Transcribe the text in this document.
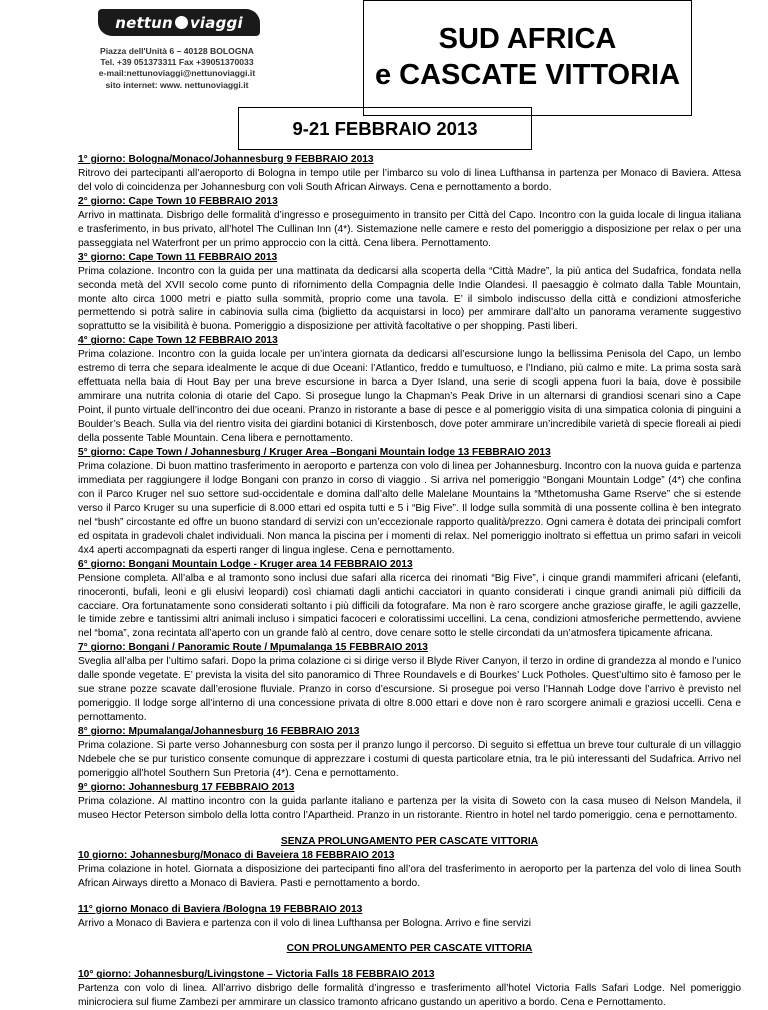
nettun viaggi
Piazza dell'Unità 6 – 40128 BOLOGNA
Tel. +39 051373311 Fax +39051370033
e-mail:nettunoviaggi@nettunoviaggi.it
sito internet: www. nettunoviaggi.it
SUD AFRICA
e CASCATE VITTORIA
9-21 FEBBRAIO 2013

1° giorno: Bologna/Monaco/Johannesburg 9 FEBBRAIO 2013

Ritrovo dei partecipanti all’aeroporto di Bologna in tempo utile per l’imbarco su volo di linea Lufthansa in partenza per Monaco di Baviera. Attesa del volo di coincidenza per Johannesburg con voli South African Airways. Cena e pernottamento a bordo.

2° giorno: Cape Town 10 FEBBRAIO 2013

Arrivo in mattinata. Disbrigo delle formalità d’ingresso e proseguimento in transito per Città del Capo. Incontro con la guida locale di lingua italiana e trasferimento, in bus privato, all’hotel The Cullinan Inn (4*). Sistemazione nelle camere e resto del pomeriggio a disposizione per relax o per una passeggiata nel Waterfront per un primo approccio con la città. Cena libera. Pernottamento.

3° giorno: Cape Town 11 FEBBRAIO 2013

Prima colazione. Incontro con la guida per una mattinata da dedicarsi alla scoperta della “Città Madre”, la più antica del Sudafrica, fondata nella seconda metà del XVII secolo come punto di rifornimento della Compagnia delle Indie Olandesi. Il paesaggio è colmato dalla Table Mountain, monte alto circa 1000 metri e piatto sulla sommità, proprio come una tavola. E’ il simbolo indiscusso della città e condizioni atmosferiche permettendo si potrà salire in cabinovia sulla cima (biglietto da acquistarsi in loco) per ammirare dall’alto un panorama veramente suggestivo soprattutto se la visibilità è buona. Pomeriggio a disposizione per attività facoltative o per shopping. Pasti liberi.

4° giorno: Cape Town 12 FEBBRAIO 2013

Prima colazione. Incontro con la guida locale per un’intera giornata da dedicarsi all’escursione lungo la bellissima Penisola del Capo, un lembo estremo di terra che separa idealmente le acque di due Oceani: l’Atlantico, freddo e tumultuoso, e l’Indiano, più calmo e mite. La prima sosta sarà effettuata nella baia di Hout Bay per una breve escursione in barca a Dyer Island, una serie di scogli appena fuori la baia, dove è possibile ammirare una nutrita colonia di otarie del Capo. Si prosegue lungo la Chapman’s Peak Drive in un alternarsi di grandiosi scenari sino a Cape Point, il punto virtuale dell’incontro dei due oceani. Pranzo in ristorante a base di pesce e al pomeriggio visita di una simpatica colonia di pinguini a Boulder’s Beach. Sulla via del rientro visita dei giardini botanici di Kirstenbosch, dove poter ammirare un’incredibile varietà di specie floreali ai piedi della possente Table Mountain. Cena libera e pernottamento.

5° giorno: Cape Town / Johannesburg / Kruger Area –Bongani Mountain lodge 13 FEBBRAIO 2013

Prima colazione. Di buon mattino trasferimento in aeroporto e partenza con volo di linea per Johannesburg. Incontro con la nuova guida e partenza immediata per raggiungere il lodge Bongani con pranzo in corso di viaggio . Si arriva nel pomeriggio “Bongani Mountain Lodge” (4*) che confina con il Parco Kruger nel suo settore sud-occidentale e domina dall’alto delle Malelane Mountains la “Mthetomusha Game Rserve” che si estende verso il Parco Kruger su una superficie di 8.000 ettari ed ospita tutti e 5 i “Big Five”. Il lodge sulla sommità di una possente collina è ben integrato nel “bush” circostante ed offre un buono standard di servizi con un’eccezionale rapporto qualità/prezzo. Ogni camera è dotata dei principali comfort ed ospitata in gradevoli chalet individuali. Non manca la piscina per i momenti di relax. Nel pomeriggio inoltrato si effettua un primo safari in veicoli 4x4 aperti accompagnati da esperti ranger di lingua inglese. Cena e pernottamento.

6° giorno: Bongani Mountain Lodge - Kruger area 14 FEBBRAIO 2013

Pensione completa. All’alba e al tramonto sono inclusi due safari alla ricerca dei rinomati “Big Five”, i cinque grandi mammiferi africani (elefanti, rinoceronti, bufali, leoni e gli elusivi leopardi) così chiamati dagli antichi cacciatori in quanto considerati i cinque grandi animali più difficili da cacciare. Ora fortunatamente sono considerati soltanto i più difficili da fotografare. Ma non è raro scorgere anche graziose giraffe, le agili gazzelle, le timide zebre e tantissimi altri animali incluso i simpatici facoceri e coloratissimi uccellini. La cena, condizioni atmosferiche permettendo, avviene nel “boma”, zona recintata all’aperto con un grande falò al centro, dove cenare sotto le stelle circondati da un’atmosfera tipicamente africana.

7° giorno: Bongani / Panoramic Route / Mpumalanga 15 FEBBRAIO 2013

Sveglia all’alba per l’ultimo safari. Dopo la prima colazione ci si dirige verso il Blyde River Canyon, il terzo in ordine di grandezza al mondo e l’unico dalle sponde vegetate. E’ prevista la visita del sito panoramico di Three Roundavels e di Bourkes’ Luck Potholes. Quest’ultimo sito è famoso per le sue strane pozze scavate dall’erosione fluviale. Pranzo in corso d’escursione. Si prosegue poi verso l’Hannah Lodge dove l’arrivo è previsto nel pomeriggio. Il lodge sorge all’interno di una concessione privata di oltre 8.000 ettari e dove non è raro scorgere animali e graziosi uccelli. Cena e pernottamento.

8° giorno: Mpumalanga/Johannesburg 16 FEBBRAIO 2013

Prima colazione. Si parte verso Johannesburg con sosta per il pranzo lungo il percorso. Di seguito si effettua un breve tour culturale di un villaggio Ndebele che se pur turistico consente comunque di apprezzare i costumi di questa particolare etnia, tra le più interessanti del Sudafrica. Arrivo nel pomeriggio all’hotel Southern Sun Pretoria (4*). Cena e pernottamento.

9° giorno: Johannesburg 17 FEBBRAIO 2013

Prima colazione. Al mattino incontro con la guida parlante italiano e partenza per la visita di Soweto con la casa museo di Nelson Mandela, il museo Hector Peterson simbolo della lotta contro l’Apartheid. Pranzo in un ristorante. Rientro in hotel nel tardo pomeriggio. cena e pernottamento.

SENZA PROLUNGAMENTO PER CASCATE VITTORIA

10 giorno: Johannesburg/Monaco di Baveiera 18 FEBBRAIO 2013

Prima colazione in hotel. Giornata a disposizione dei partecipanti fino all’ora del trasferimento in aeroporto per la partenza del volo di linea South African Airways diretto a Monaco di Baviera. Pasti e pernottamento a bordo.

11° giorno Monaco di Baviera /Bologna 19 FEBBRAIO 2013

Arrivo a Monaco di Baviera e partenza con il volo di linea Lufthansa per Bologna. Arrivo e fine servizi

CON PROLUNGAMENTO PER CASCATE VITTORIA

10° giorno: Johannesburg/Livingstone – Victoria Falls 18 FEBBRAIO 2013

Partenza con volo di linea. All’arrivo disbrigo delle formalità d’ingresso e trasferimento all’hotel Victoria Falls Safari Lodge. Nel pomeriggio minicrociera sul fiume Zambezi per ammirare un classico tramonto africano gustando un aperitivo a bordo. Cena e Pernottamento.
